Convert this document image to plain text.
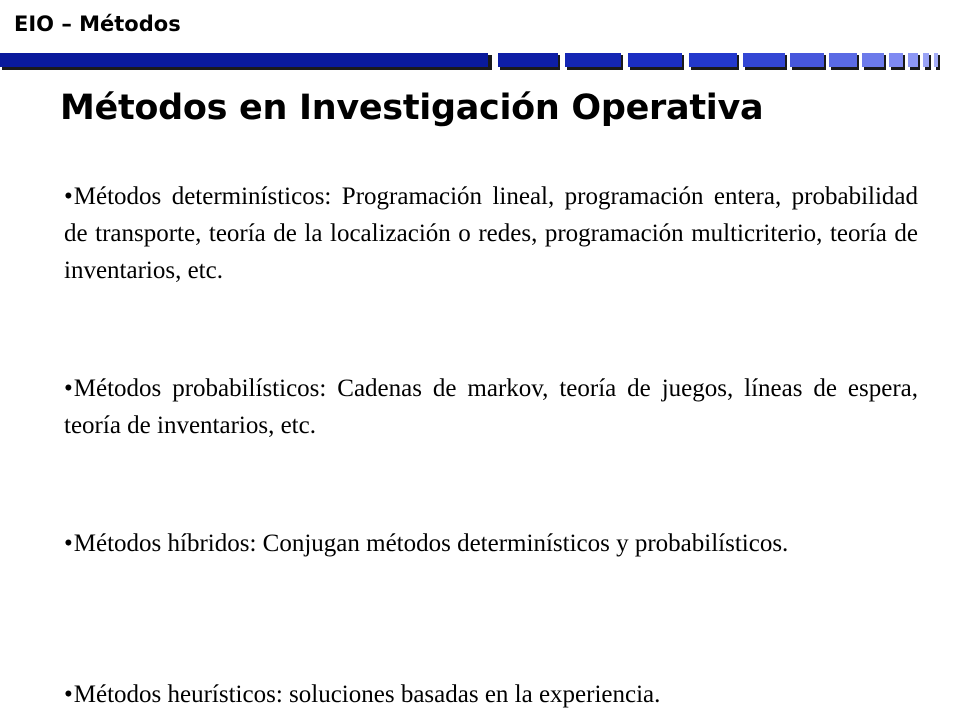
EIO – Métodos
Métodos en Investigación Operativa

•Métodos determinísticos: Programación lineal, programación entera, probabilidad de transporte, teoría de la localización o redes, programación multicriterio, teoría de inventarios, etc.

•Métodos probabilísticos: Cadenas de markov, teoría de juegos, líneas de espera, teoría de inventarios, etc.

•Métodos híbridos: Conjugan métodos determinísticos y probabilísticos.

•Métodos heurísticos: soluciones basadas en la experiencia.
